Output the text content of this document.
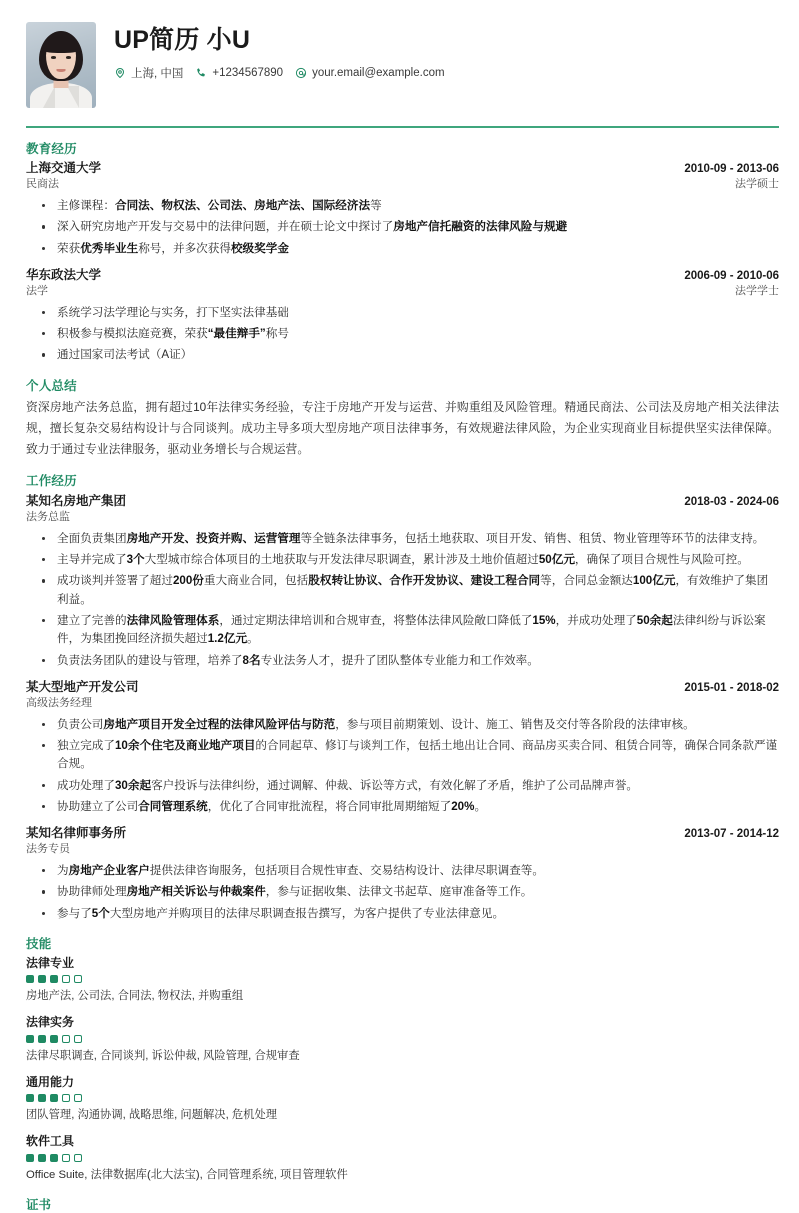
UP简历 小U
上海, 中国	+1234567890	your.email@example.com
教育经历
上海交通大学	2010-09 - 2013-06
民商法	法学硕士
主修课程：合同法、物权法、公司法、房地产法、国际经济法等
深入研究房地产开发与交易中的法律问题，并在硕士论文中探讨了房地产信托融资的法律风险与规避
荣获优秀毕业生称号，并多次获得校级奖学金
华东政法大学	2006-09 - 2010-06
法学	法学学士
系统学习法学理论与实务，打下坚实法律基础
积极参与模拟法庭竞赛，荣获“最佳辩手”称号
通过国家司法考试（A证）
个人总结
资深房地产法务总监，拥有超过10年法律实务经验，专注于房地产开发与运营、并购重组及风险管理。精通民商法、公司法及房地产相关法律法规，擅长复杂交易结构设计与合同谈判。成功主导多项大型房地产项目法律事务，有效规避法律风险，为企业实现商业目标提供坚实法律保障。致力于通过专业法律服务，驱动业务增长与合规运营。
工作经历
某知名房地产集团	2018-03 - 2024-06
法务总监
全面负责集团房地产开发、投资并购、运营管理等全链条法律事务，包括土地获取、项目开发、销售、租赁、物业管理等环节的法律支持。
主导并完成了3个大型城市综合体项目的土地获取与开发法律尽职调查，累计涉及土地价值超过50亿元，确保了项目合规性与风险可控。
成功谈判并签署了超过200份重大商业合同，包括股权转让协议、合作开发协议、建设工程合同等，合同总金额达100亿元，有效维护了集团利益。
建立了完善的法律风险管理体系，通过定期法律培训和合规审查，将整体法律风险敞口降低了15%，并成功处理了50余起法律纠纷与诉讼案件，为集团挽回经济损失超过1.2亿元。
负责法务团队的建设与管理，培养了8名专业法务人才，提升了团队整体专业能力和工作效率。
某大型地产开发公司	2015-01 - 2018-02
高级法务经理
负责公司房地产项目开发全过程的法律风险评估与防范，参与项目前期策划、设计、施工、销售及交付等各阶段的法律审核。
独立完成了10余个住宅及商业地产项目的合同起草、修订与谈判工作，包括土地出让合同、商品房买卖合同、租赁合同等，确保合同条款严谨合规。
成功处理了30余起客户投诉与法律纠纷，通过调解、仲裁、诉讼等方式，有效化解了矛盾，维护了公司品牌声誉。
协助建立了公司合同管理系统，优化了合同审批流程，将合同审批周期缩短了20%。
某知名律师事务所	2013-07 - 2014-12
法务专员
为房地产企业客户提供法律咨询服务，包括项目合规性审查、交易结构设计、法律尽职调查等。
协助律师处理房地产相关诉讼与仲裁案件，参与证据收集、法律文书起草、庭审准备等工作。
参与了5个大型房地产并购项目的法律尽职调查报告撰写，为客户提供了专业法律意见。
技能
法律专业
房地产法, 公司法, 合同法, 物权法, 并购重组
法律实务
法律尽职调查, 合同谈判, 诉讼仲裁, 风险管理, 合规审查
通用能力
团队管理, 沟通协调, 战略思维, 问题解决, 危机处理
软件工具
Office Suite, 法律数据库(北大法宝), 合同管理系统, 项目管理软件
证书
